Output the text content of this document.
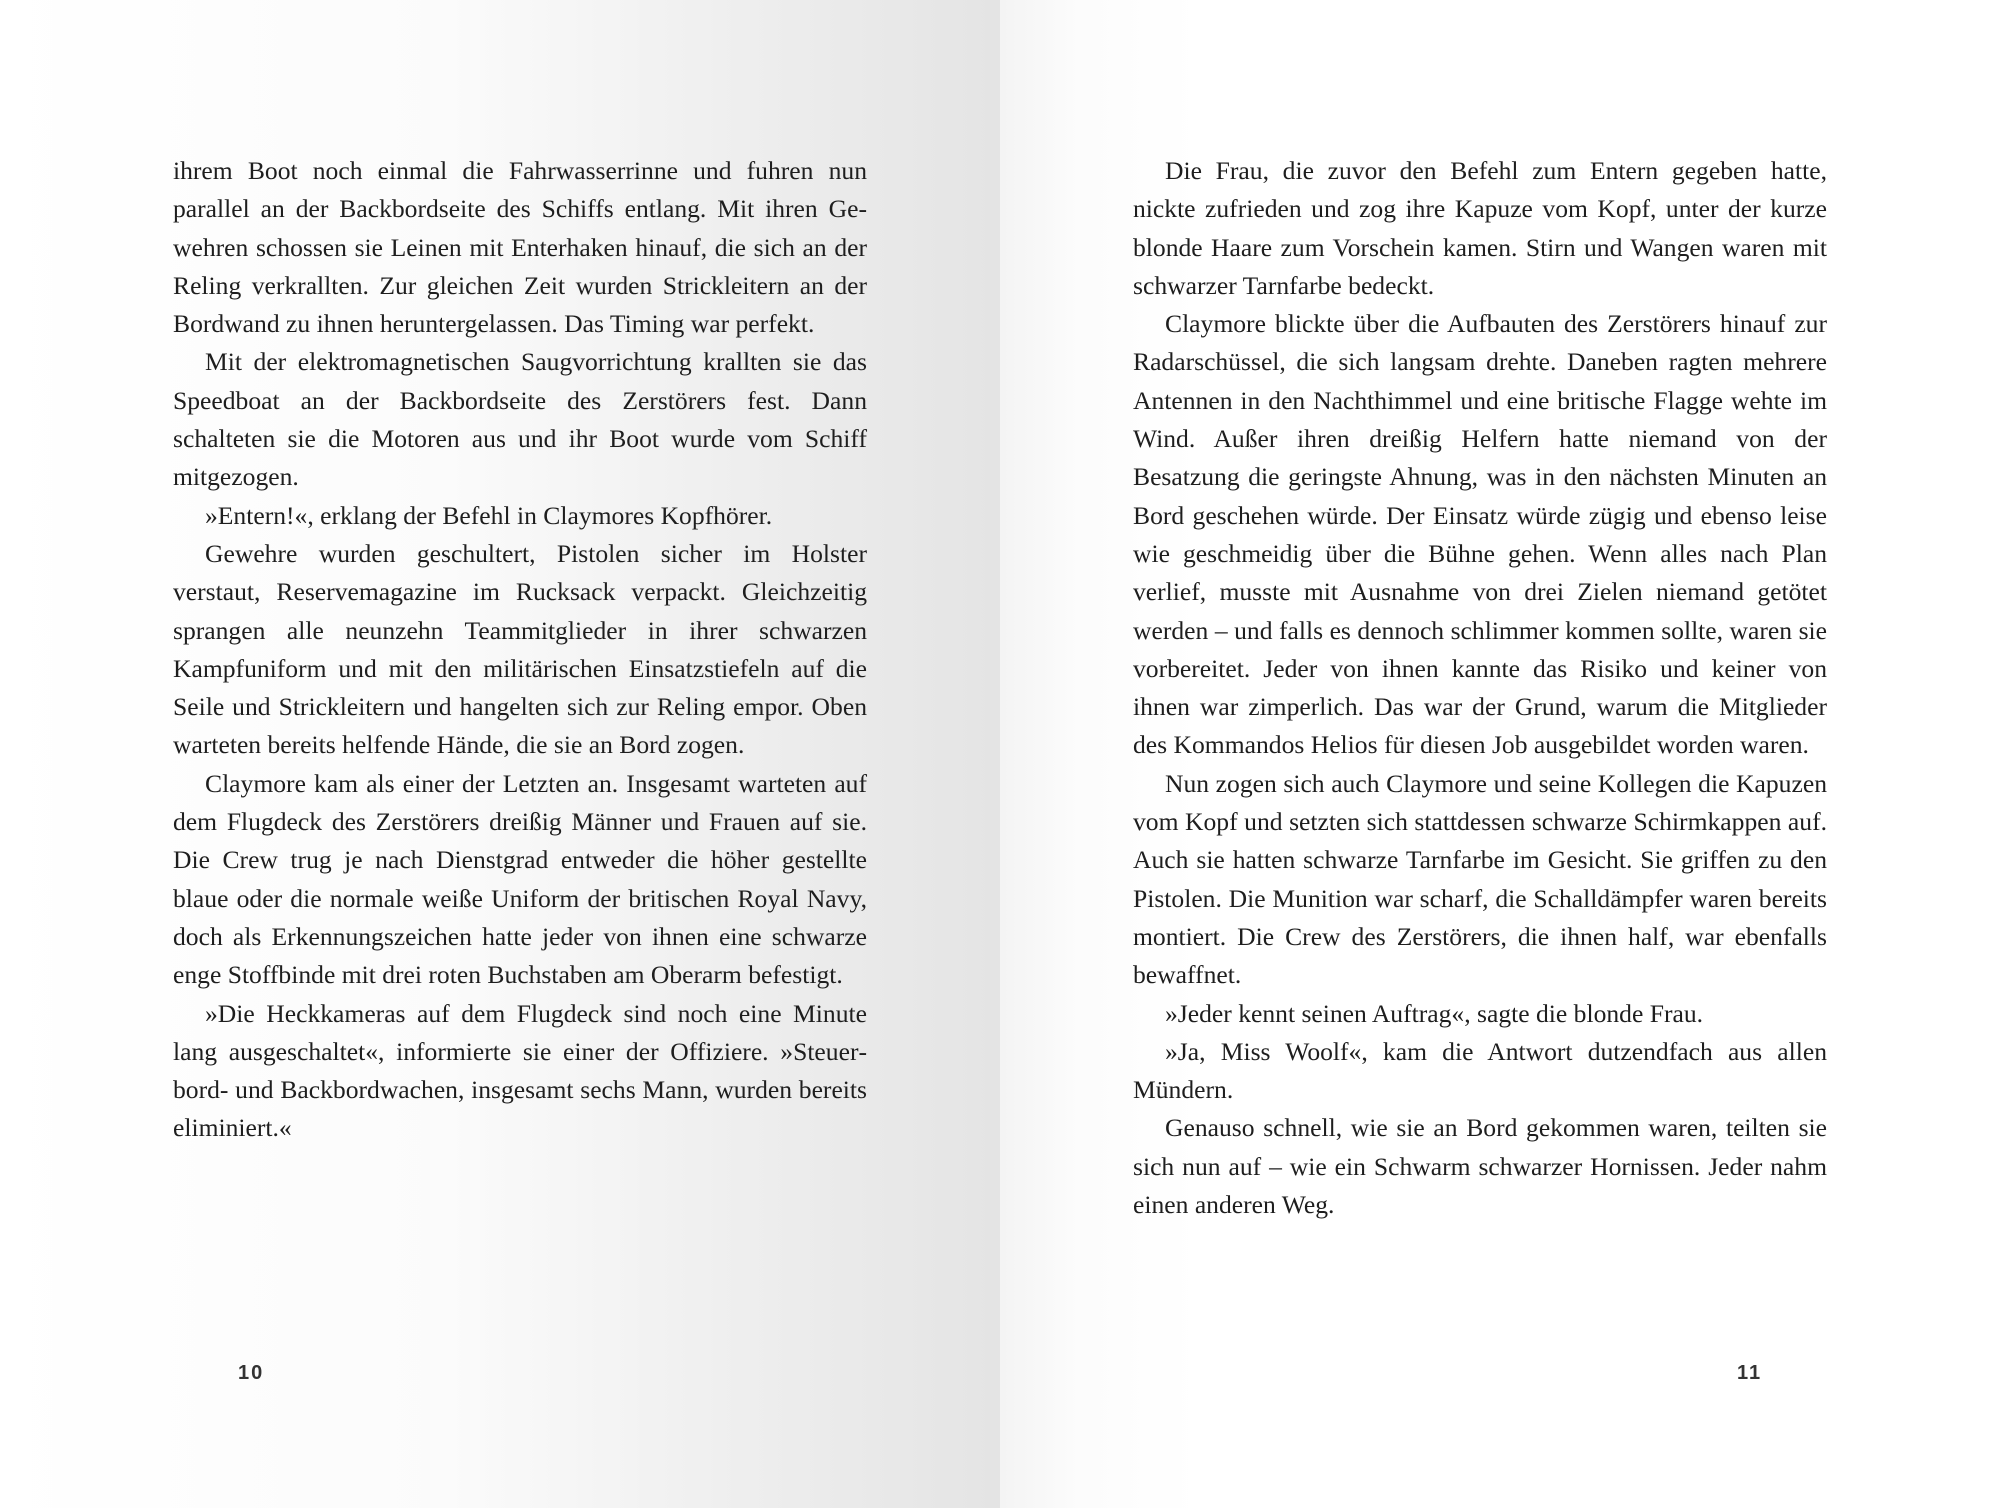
ihrem Boot noch einmal die Fahrwasserrinne und fuhren nun parallel an der Backbordseite des Schiffs entlang. Mit ihren Gewehren schossen sie Leinen mit Enterhaken hinauf, die sich an der Reling verkrallten. Zur gleichen Zeit wurden Strickleitern an der Bordwand zu ihnen heruntergelassen. Das Timing war perfekt.

Mit der elektromagnetischen Saugvorrichtung krallten sie das Speedboat an der Backbordseite des Zerstörers fest. Dann schalteten sie die Motoren aus und ihr Boot wurde vom Schiff mitgezogen.

»Entern!«, erklang der Befehl in Claymores Kopfhörer.

Gewehre wurden geschultert, Pistolen sicher im Holster verstaut, Reservemagazine im Rucksack verpackt. Gleichzeitig sprangen alle neunzehn Teammitglieder in ihrer schwarzen Kampfuniform und mit den militärischen Einsatzstiefeln auf die Seile und Strickleitern und hangelten sich zur Reling empor. Oben warteten bereits helfende Hände, die sie an Bord zogen.

Claymore kam als einer der Letzten an. Insgesamt warteten auf dem Flugdeck des Zerstörers dreißig Männer und Frauen auf sie. Die Crew trug je nach Dienstgrad entweder die höher gestellte blaue oder die normale weiße Uniform der britischen Royal Navy, doch als Erkennungszeichen hatte jeder von ihnen eine schwarze enge Stoffbinde mit drei roten Buchstaben am Oberarm befestigt.

»Die Heckkameras auf dem Flugdeck sind noch eine Minute lang ausgeschaltet«, informierte sie einer der Offiziere. »Steuerbord- und Backbordwachen, insgesamt sechs Mann, wurden bereits eliminiert.«

10

Die Frau, die zuvor den Befehl zum Entern gegeben hatte, nickte zufrieden und zog ihre Kapuze vom Kopf, unter der kurze blonde Haare zum Vorschein kamen. Stirn und Wangen waren mit schwarzer Tarnfarbe bedeckt.

Claymore blickte über die Aufbauten des Zerstörers hinauf zur Radarschüssel, die sich langsam drehte. Daneben ragten mehrere Antennen in den Nachthimmel und eine britische Flagge wehte im Wind. Außer ihren dreißig Helfern hatte niemand von der Besatzung die geringste Ahnung, was in den nächsten Minuten an Bord geschehen würde. Der Einsatz würde zügig und ebenso leise wie geschmeidig über die Bühne gehen. Wenn alles nach Plan verlief, musste mit Ausnahme von drei Zielen niemand getötet werden – und falls es dennoch schlimmer kommen sollte, waren sie vorbereitet. Jeder von ihnen kannte das Risiko und keiner von ihnen war zimperlich. Das war der Grund, warum die Mitglieder des Kommandos Helios für diesen Job ausgebildet worden waren.

Nun zogen sich auch Claymore und seine Kollegen die Kapuzen vom Kopf und setzten sich stattdessen schwarze Schirmkappen auf. Auch sie hatten schwarze Tarnfarbe im Gesicht. Sie griffen zu den Pistolen. Die Munition war scharf, die Schalldämpfer waren bereits montiert. Die Crew des Zerstörers, die ihnen half, war ebenfalls bewaffnet.

»Jeder kennt seinen Auftrag«, sagte die blonde Frau.

»Ja, Miss Woolf«, kam die Antwort dutzendfach aus allen Mündern.

Genauso schnell, wie sie an Bord gekommen waren, teilten sie sich nun auf – wie ein Schwarm schwarzer Hornissen. Jeder nahm einen anderen Weg.

11
